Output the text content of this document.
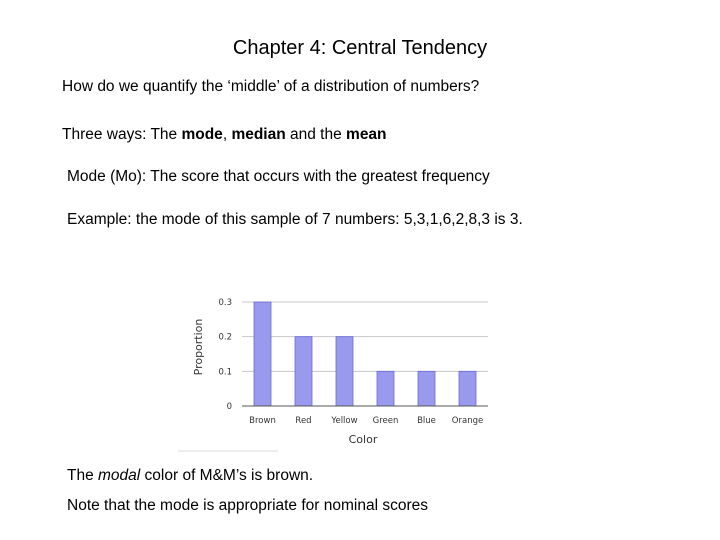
Chapter 4: Central Tendency
How do we quantify the ‘middle’ of a distribution of numbers?
Three ways: The mode, median and the mean
Mode (Mo): The score that occurs with the greatest frequency
Example: the mode of this sample of 7 numbers: 5,3,1,6,2,8,3 is 3.
0
0.1
0.2
0.3
Brown Red Yellow Green Blue Orange
Proportion
Color
The modal color of M&M’s is brown.
Note that the mode is appropriate for nominal scores
